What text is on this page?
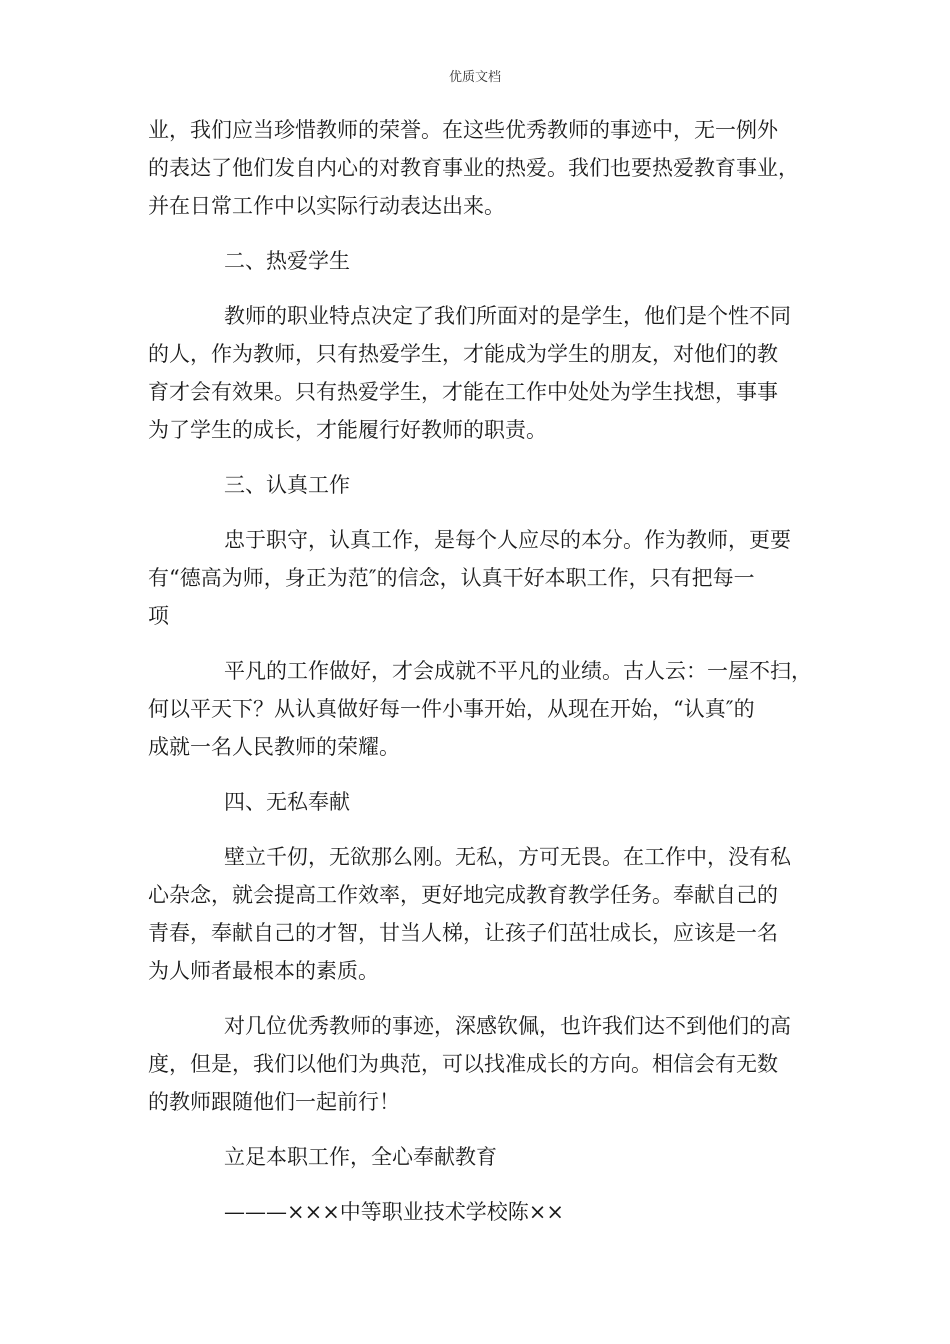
优质文档
业，我们应当珍惜教师的荣誉。在这些优秀教师的事迹中，无一例外
的表达了他们发自内心的对教育事业的热爱。我们也要热爱教育事业，
并在日常工作中以实际行动表达出来。
二、热爱学生
教师的职业特点决定了我们所面对的是学生，他们是个性不同
的人，作为教师，只有热爱学生，才能成为学生的朋友，对他们的教
育才会有效果。只有热爱学生，才能在工作中处处为学生找想，事事
为了学生的成长，才能履行好教师的职责。
三、认真工作
忠于职守，认真工作，是每个人应尽的本分。作为教师，更要
有“德高为师，身正为范″的信念，认真干好本职工作，只有把每一
项
平凡的工作做好，才会成就不平凡的业绩。古人云：一屋不扫，
何以平天下？从认真做好每一件小事开始，从现在开始，“认真″的
成就一名人民教师的荣耀。
四、无私奉献
壁立千仞，无欲那么刚。无私，方可无畏。在工作中，没有私
心杂念，就会提高工作效率，更好地完成教育教学任务。奉献自己的
青春，奉献自己的才智，甘当人梯，让孩子们茁壮成长，应该是一名
为人师者最根本的素质。
对几位优秀教师的事迹，深感钦佩，也许我们达不到他们的高
度，但是，我们以他们为典范，可以找准成长的方向。相信会有无数
的教师跟随他们一起前行！
立足本职工作，全心奉献教育
———×××中等职业技术学校陈××
